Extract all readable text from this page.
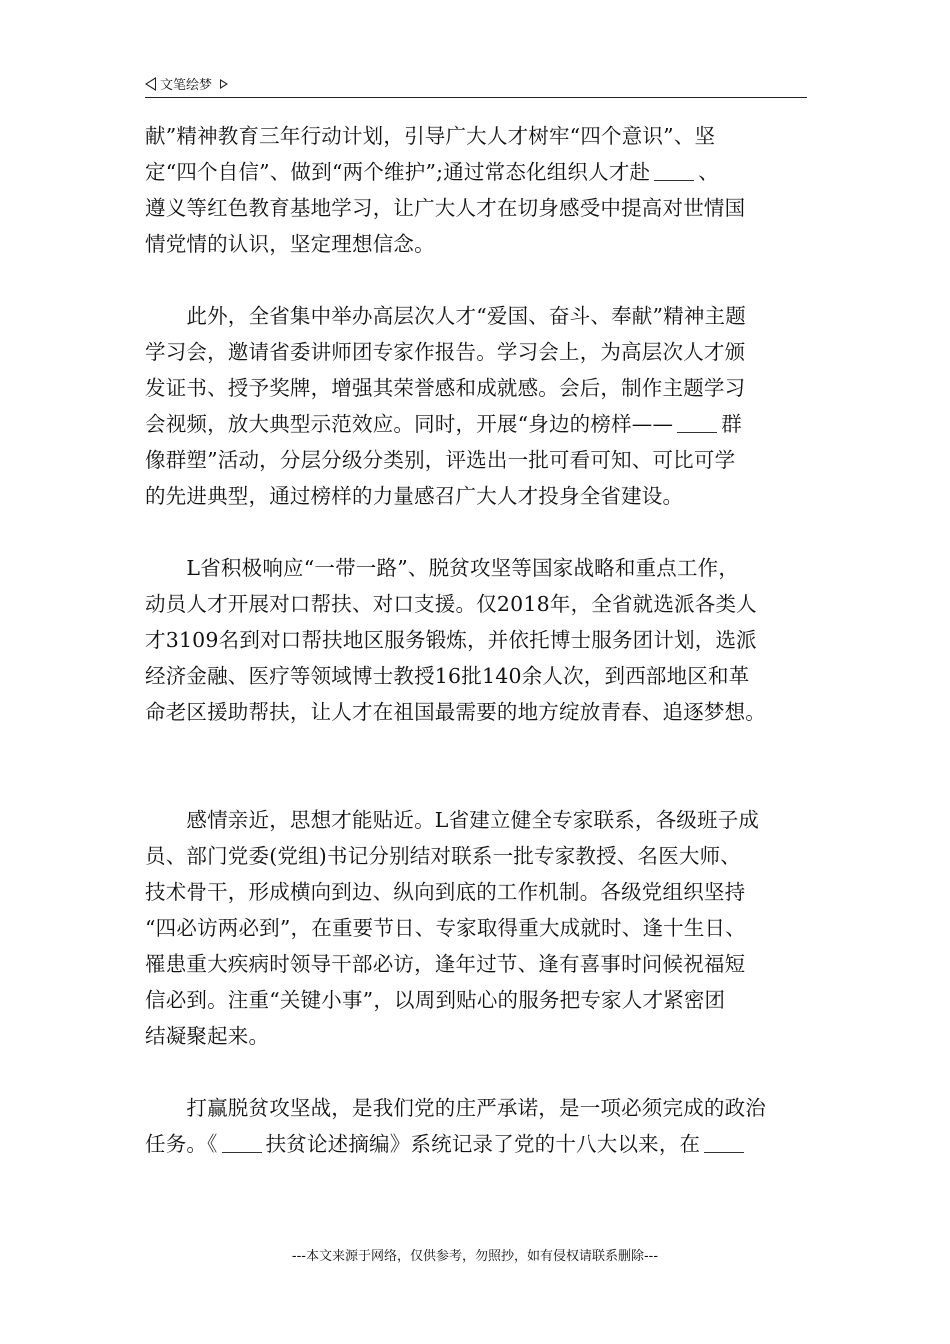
文笔绘梦
献”精神教育三年行动计划，引导广大人才树牢“四个意识”、坚
定“四个自信”、做到“两个维护”;通过常态化组织人才赴 、
遵义等红色教育基地学习，让广大人才在切身感受中提高对世情国
情党情的认识，坚定理想信念。
　　此外，全省集中举办高层次人才“爱国、奋斗、奉献”精神主题
学习会，邀请省委讲师团专家作报告。学习会上，为高层次人才颁
发证书、授予奖牌，增强其荣誉感和成就感。会后，制作主题学习
会视频，放大典型示范效应。同时，开展“身边的榜样—— 群
像群塑”活动，分层分级分类别，评选出一批可看可知、可比可学
的先进典型，通过榜样的力量感召广大人才投身全省建设。
　　L省积极响应“一带一路”、脱贫攻坚等国家战略和重点工作，
动员人才开展对口帮扶、对口支援。仅2018年，全省就选派各类人
才3109名到对口帮扶地区服务锻炼，并依托博士服务团计划，选派
经济金融、医疗等领域博士教授16批140余人次，到西部地区和革
命老区援助帮扶，让人才在祖国最需要的地方绽放青春、追逐梦想。
　　感情亲近，思想才能贴近。L省建立健全专家联系，各级班子成
员、部门党委(党组)书记分别结对联系一批专家教授、名医大师、
技术骨干，形成横向到边、纵向到底的工作机制。各级党组织坚持
“四必访两必到”，在重要节日、专家取得重大成就时、逢十生日、
罹患重大疾病时领导干部必访，逢年过节、逢有喜事时问候祝福短
信必到。注重“关键小事”，以周到贴心的服务把专家人才紧密团
结凝聚起来。
　　打赢脱贫攻坚战，是我们党的庄严承诺，是一项必须完成的政治
任务。《 扶贫论述摘编》系统记录了党的十八大以来，在
---本文来源于网络，仅供参考，勿照抄，如有侵权请联系删除---
